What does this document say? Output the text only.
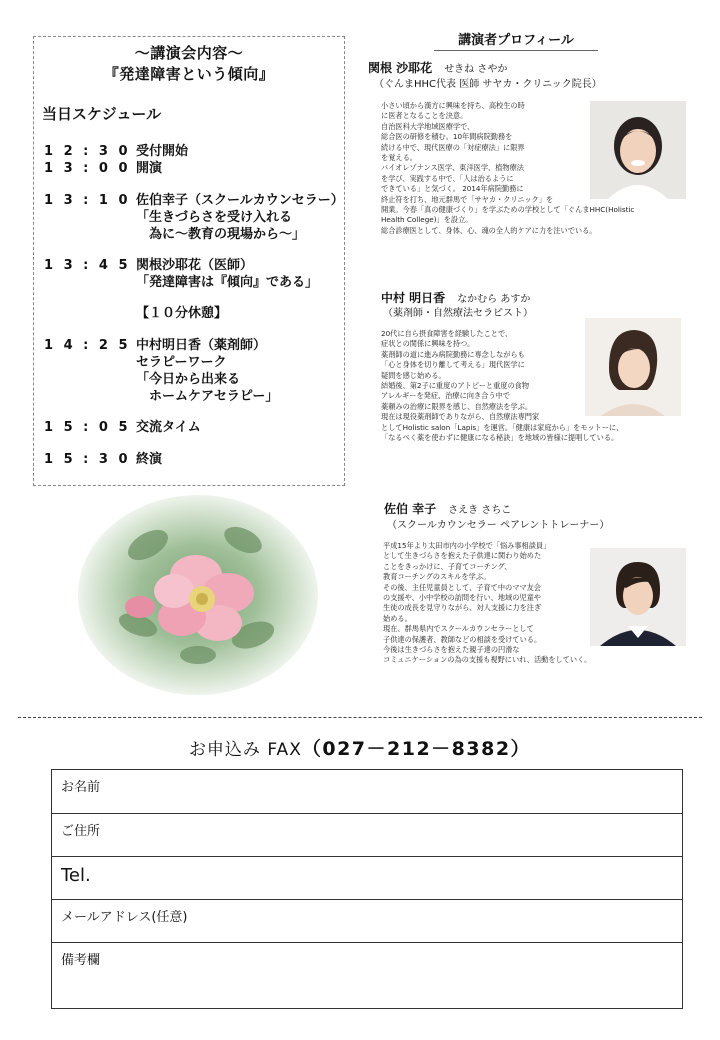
～講演会内容～
『発達障害という傾向』
当日スケジュール
1 2 : 3 0 受付開始
1 3 : 0 0 開演
1 3 : 1 0 佐伯幸子（スクールカウンセラー）
「生きづらさを受け入れる
　為に～教育の現場から～」
1 3 : 4 5 関根沙耶花（医師）
「発達障害は『傾向』である」
【１０分休憩】
1 4 : 2 5 中村明日香（薬剤師）
セラピーワーク
「今日から出来る
　ホームケアセラピー」
1 5 : 0 5 交流タイム
1 5 : 3 0 終演
講演者プロフィール
関根 沙耶花 せきね さやか
（ぐんまHHC代表 医師 サヤカ・クリニック院長）
小さい頃から漢方に興味を持ち、高校生の時
に医者となることを決意。
自治医科大学地域医療学で、
総合医の研修を積む。10年間病院勤務を
続ける中で、現代医療の「対症療法」に限界
を覚える。
バイオレゾナンス医学、東洋医学、植物療法
を学び、実践する中で、「人は治るように
できている」と気づく。 2014年病院勤務に
終止符を打ち、地元群馬で「サヤカ・クリニック」を
開業。今春「真の健康づくり」を学ぶための学校として「ぐんまHHC(Holistic
Health College)」を設立。
総合診療医として、身体、心、魂の全人的ケアに力を注いでいる。
中村 明日香 なかむら あすか
（薬剤師・自然療法セラピスト）
20代に自ら摂食障害を経験したことで、
症状との関係に興味を持つ。
薬剤師の道に進み病院勤務に専念しながらも
「心と身体を切り離して考える」現代医学に
疑問を感じ始める。
結婚後、第2子に重度のアトピーと重度の食物
アレルギーを発症、治療に向き合う中で
薬頼みの治療に限界を感じ、自然療法を学ぶ。
現在は現役薬剤師でありながら、自然療法専門家
としてHolistic salon「Lapis」を運営。「健康は家庭から」をモットーに、
「なるべく薬を使わずに健康になる秘訣」を地域の皆様に提唱している。
佐伯 幸子 さえき さちこ
（スクールカウンセラー ペアレントトレーナー）
平成15年より太田市内の小学校で「悩み事相談員」
として生きづらさを抱えた子供達に関わり始めた
ことをきっかけに、子育てコーチング、
教育コーチングのスキルを学ぶ。
その後、主任児童員として、子育て中のママ友会
の支援や、小中学校の訪問を行い、地域の児童や
生徒の成長を見守りながら、対人支援に力を注ぎ
始める。
現在、群馬県内でスクールカウンセラーとして
子供達の保護者、教師などの相談を受けている。
今後は生きづらさを抱えた親子達の円滑な
コミュニケーションの為の支援も視野にいれ、活動をしていく。
お申込み FAX（027－212－8382）
お名前
ご住所
Tel.
メールアドレス(任意)
備考欄
